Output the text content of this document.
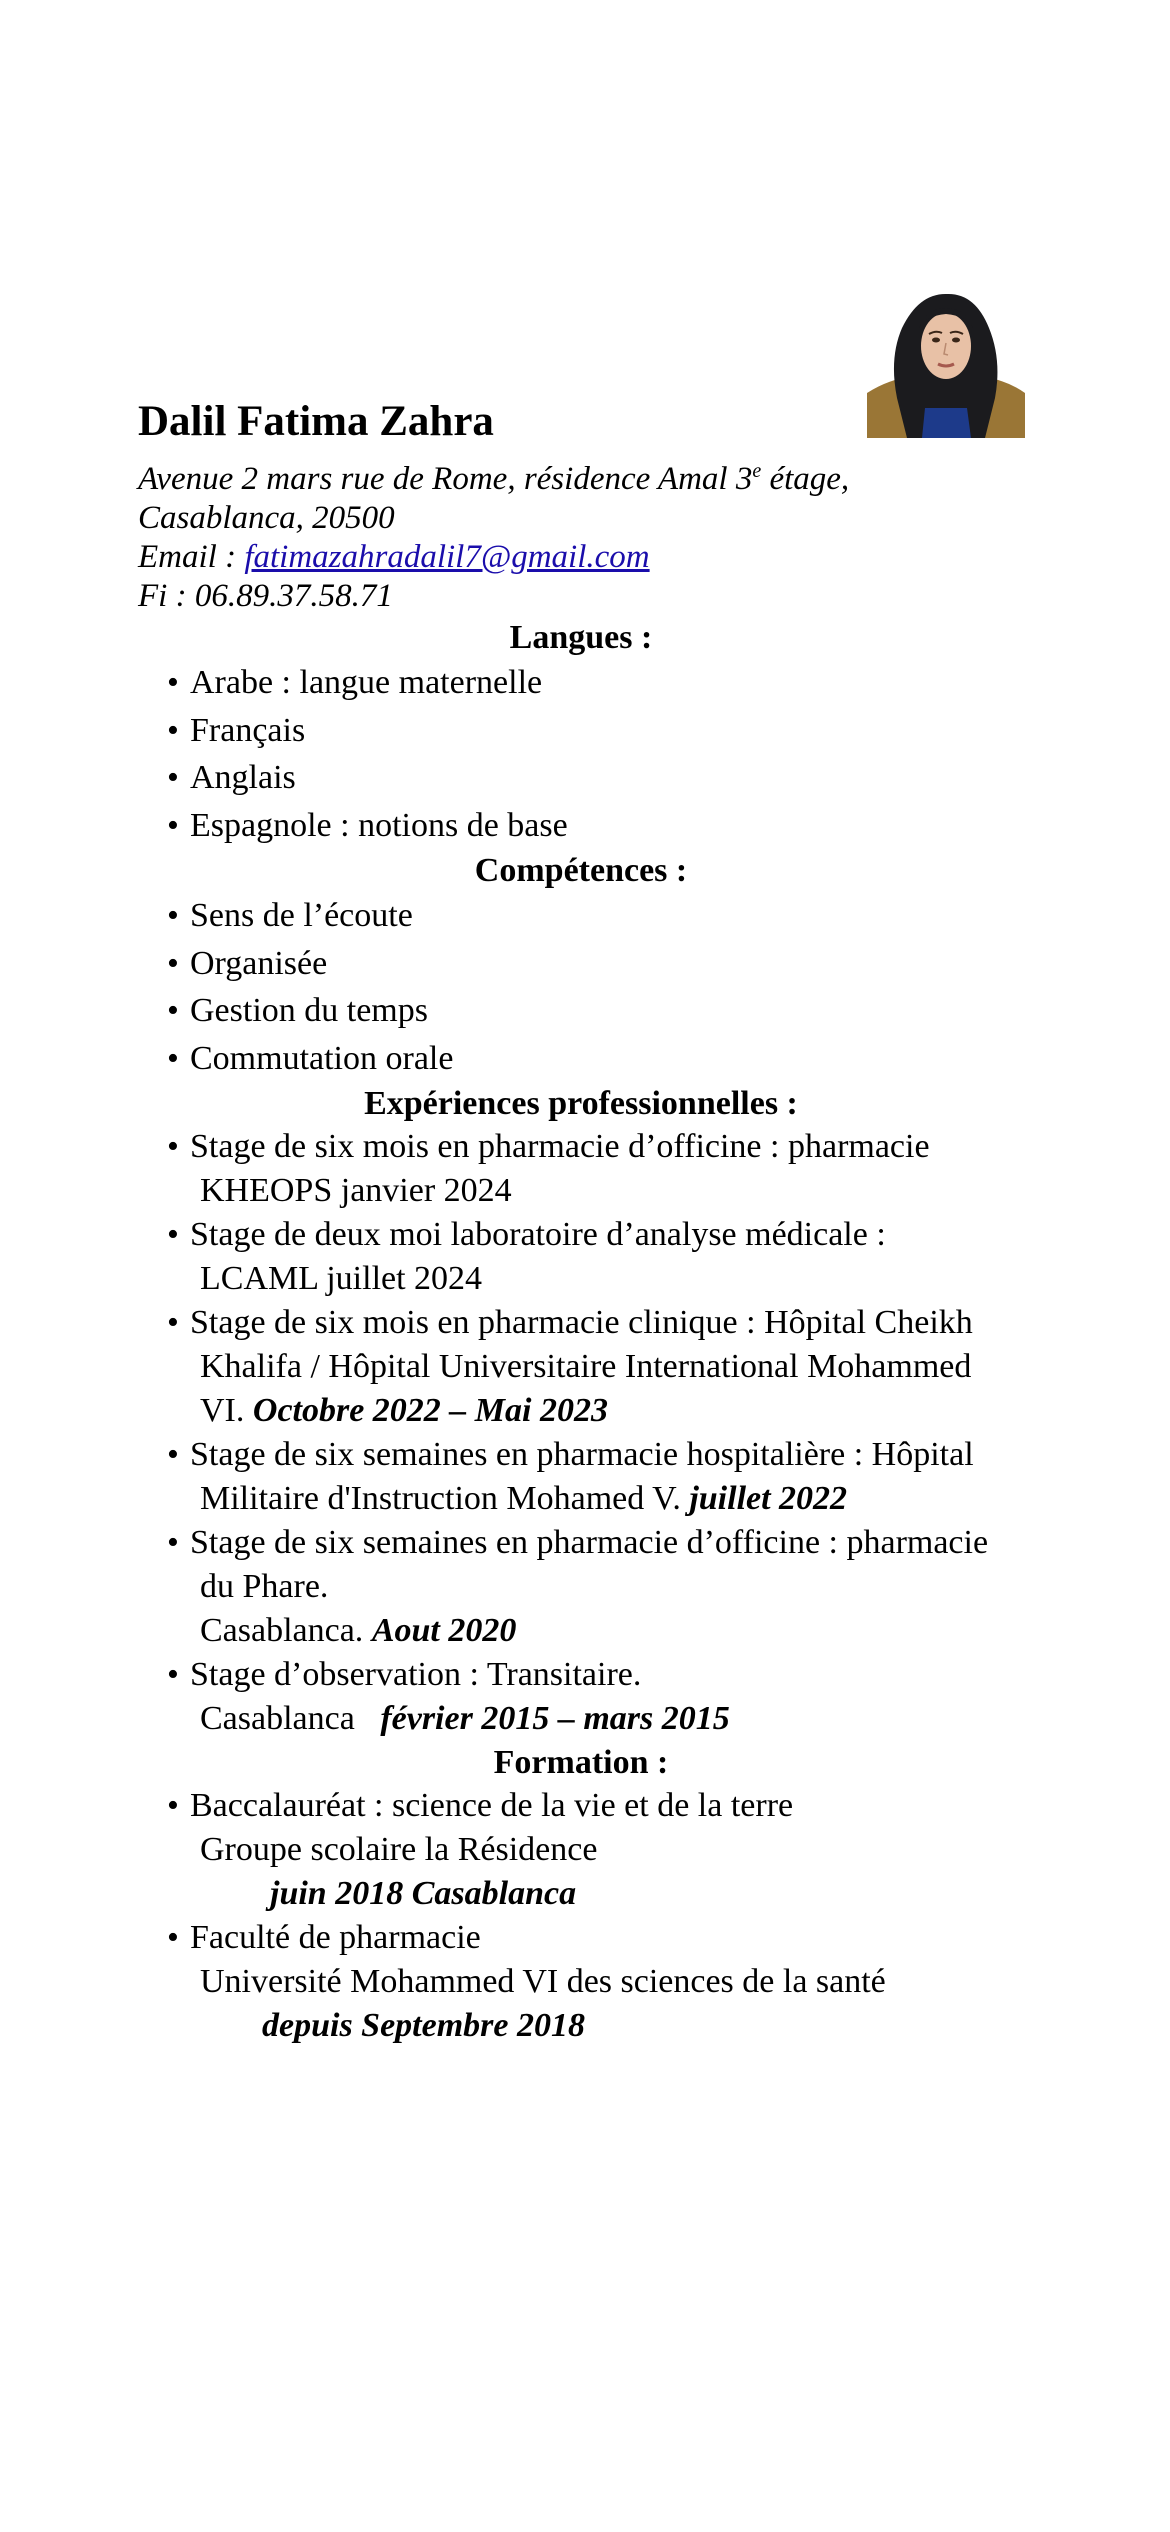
Dalil Fatima Zahra
Avenue 2 mars rue de Rome, résidence Amal 3e étage,
Casablanca, 20500
Email : fatimazahradalil7@gmail.com
Fi : 06.89.37.58.71
Langues :
• Arabe : langue maternelle
• Français
• Anglais
• Espagnole : notions de base
Compétences :
• Sens de l’écoute
• Organisée
• Gestion du temps
• Commutation orale
Expériences professionnelles :
• Stage de six mois en pharmacie d’officine : pharmacie
KHEOPS janvier 2024
• Stage de deux moi laboratoire d’analyse médicale :
LCAML juillet 2024
• Stage de six mois en pharmacie clinique : Hôpital Cheikh
Khalifa / Hôpital Universitaire International Mohammed
VI. Octobre 2022 – Mai 2023
• Stage de six semaines en pharmacie hospitalière : Hôpital
Militaire d'Instruction Mohamed V. juillet 2022
• Stage de six semaines en pharmacie d’officine : pharmacie
du Phare.
Casablanca. Aout 2020
• Stage d’observation : Transitaire.
Casablanca   février 2015 – mars 2015
Formation :
• Baccalauréat : science de la vie et de la terre
Groupe scolaire la Résidence
juin 2018 Casablanca
• Faculté de pharmacie
Université Mohammed VI des sciences de la santé
depuis Septembre 2018
